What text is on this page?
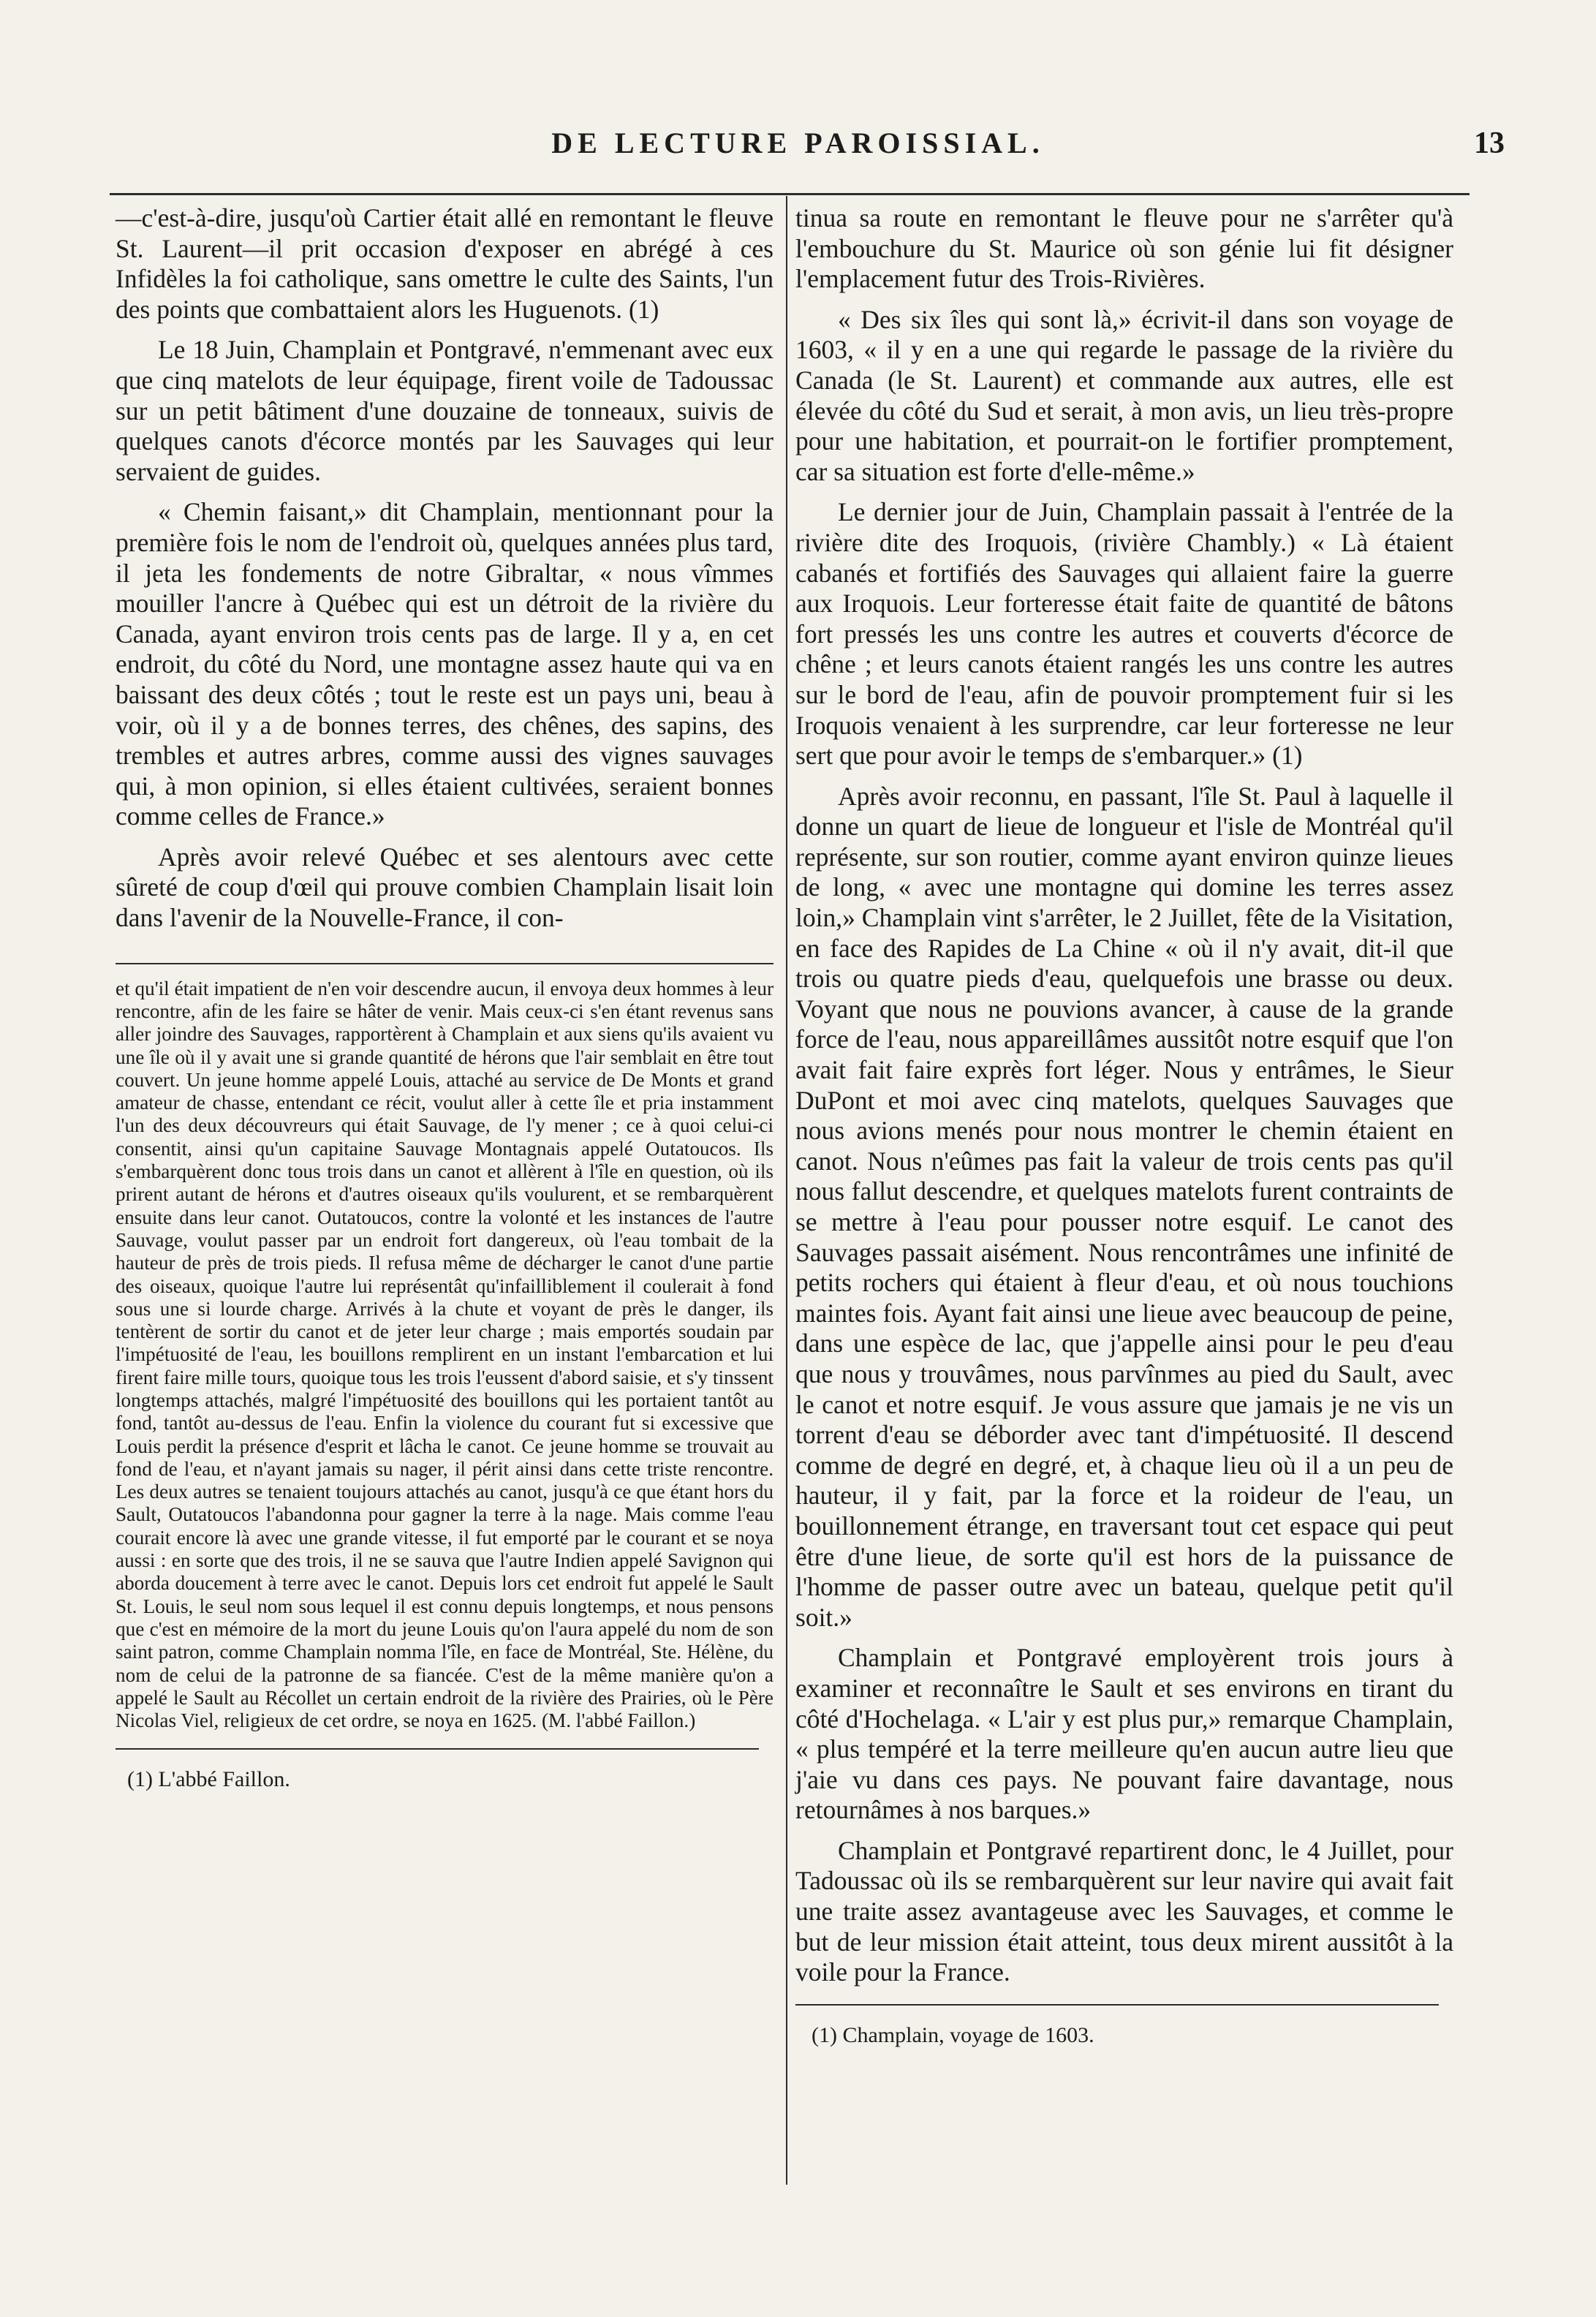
DE LECTURE PAROISSIAL.	13

—c'est-à-dire, jusqu'où Cartier était allé en remontant le fleuve St. Laurent—il prit occasion d'exposer en abrégé à ces Infidèles la foi catholique, sans omettre le culte des Saints, l'un des points que combattaient alors les Huguenots. (1)

Le 18 Juin, Champlain et Pontgravé, n'emmenant avec eux que cinq matelots de leur équipage, firent voile de Tadoussac sur un petit bâtiment d'une douzaine de tonneaux, suivis de quelques canots d'écorce montés par les Sauvages qui leur servaient de guides.

« Chemin faisant,» dit Champlain, mentionnant pour la première fois le nom de l'endroit où, quelques années plus tard, il jeta les fondements de notre Gibraltar, « nous vîmmes mouiller l'ancre à Québec qui est un détroit de la rivière du Canada, ayant environ trois cents pas de large. Il y a, en cet endroit, du côté du Nord, une montagne assez haute qui va en baissant des deux côtés ; tout le reste est un pays uni, beau à voir, où il y a de bonnes terres, des chênes, des sapins, des trembles et autres arbres, comme aussi des vignes sauvages qui, à mon opinion, si elles étaient cultivées, seraient bonnes comme celles de France.»

Après avoir relevé Québec et ses alentours avec cette sûreté de coup d'œil qui prouve combien Champlain lisait loin dans l'avenir de la Nouvelle-France, il con-

et qu'il était impatient de n'en voir descendre aucun, il envoya deux hommes à leur rencontre, afin de les faire se hâter de venir. Mais ceux-ci s'en étant revenus sans aller joindre des Sauvages, rapportèrent à Champlain et aux siens qu'ils avaient vu une île où il y avait une si grande quantité de hérons que l'air semblait en être tout couvert. Un jeune homme appelé Louis, attaché au service de De Monts et grand amateur de chasse, entendant ce récit, voulut aller à cette île et pria instamment l'un des deux découvreurs qui était Sauvage, de l'y mener ; ce à quoi celui-ci consentit, ainsi qu'un capitaine Sauvage Montagnais appelé Outatoucos. Ils s'embarquèrent donc tous trois dans un canot et allèrent à l'île en question, où ils prirent autant de hérons et d'autres oiseaux qu'ils voulurent, et se rembarquèrent ensuite dans leur canot. Outatoucos, contre la volonté et les instances de l'autre Sauvage, voulut passer par un endroit fort dangereux, où l'eau tombait de la hauteur de près de trois pieds. Il refusa même de décharger le canot d'une partie des oiseaux, quoique l'autre lui représentât qu'infailliblement il coulerait à fond sous une si lourde charge. Arrivés à la chute et voyant de près le danger, ils tentèrent de sortir du canot et de jeter leur charge ; mais emportés soudain par l'impétuosité de l'eau, les bouillons remplirent en un instant l'embarcation et lui firent faire mille tours, quoique tous les trois l'eussent d'abord saisie, et s'y tinssent longtemps attachés, malgré l'impétuosité des bouillons qui les portaient tantôt au fond, tantôt au-dessus de l'eau. Enfin la violence du courant fut si excessive que Louis perdit la présence d'esprit et lâcha le canot. Ce jeune homme se trouvait au fond de l'eau, et n'ayant jamais su nager, il périt ainsi dans cette triste rencontre. Les deux autres se tenaient toujours attachés au canot, jusqu'à ce que étant hors du Sault, Outatoucos l'abandonna pour gagner la terre à la nage. Mais comme l'eau courait encore là avec une grande vitesse, il fut emporté par le courant et se noya aussi : en sorte que des trois, il ne se sauva que l'autre Indien appelé Savignon qui aborda doucement à terre avec le canot. Depuis lors cet endroit fut appelé le Sault St. Louis, le seul nom sous lequel il est connu depuis longtemps, et nous pensons que c'est en mémoire de la mort du jeune Louis qu'on l'aura appelé du nom de son saint patron, comme Champlain nomma l'île, en face de Montréal, Ste. Hélène, du nom de celui de la patronne de sa fiancée. C'est de la même manière qu'on a appelé le Sault au Récollet un certain endroit de la rivière des Prairies, où le Père Nicolas Viel, religieux de cet ordre, se noya en 1625. (M. l'abbé Faillon.)

(1) L'abbé Faillon.

tinua sa route en remontant le fleuve pour ne s'arrêter qu'à l'embouchure du St. Maurice où son génie lui fit désigner l'emplacement futur des Trois-Rivières.

« Des six îles qui sont là,» écrivit-il dans son voyage de 1603, « il y en a une qui regarde le passage de la rivière du Canada (le St. Laurent) et commande aux autres, elle est élevée du côté du Sud et serait, à mon avis, un lieu très-propre pour une habitation, et pourrait-on le fortifier promptement, car sa situation est forte d'elle-même.»

Le dernier jour de Juin, Champlain passait à l'entrée de la rivière dite des Iroquois, (rivière Chambly.) « Là étaient cabanés et fortifiés des Sauvages qui allaient faire la guerre aux Iroquois. Leur forteresse était faite de quantité de bâtons fort pressés les uns contre les autres et couverts d'écorce de chêne ; et leurs canots étaient rangés les uns contre les autres sur le bord de l'eau, afin de pouvoir promptement fuir si les Iroquois venaient à les surprendre, car leur forteresse ne leur sert que pour avoir le temps de s'embarquer.» (1)

Après avoir reconnu, en passant, l'île St. Paul à laquelle il donne un quart de lieue de longueur et l'isle de Montréal qu'il représente, sur son routier, comme ayant environ quinze lieues de long, « avec une montagne qui domine les terres assez loin,» Champlain vint s'arrêter, le 2 Juillet, fête de la Visitation, en face des Rapides de La Chine « où il n'y avait, dit-il que trois ou quatre pieds d'eau, quelquefois une brasse ou deux. Voyant que nous ne pouvions avancer, à cause de la grande force de l'eau, nous appareillâmes aussitôt notre esquif que l'on avait fait faire exprès fort léger. Nous y entrâmes, le Sieur DuPont et moi avec cinq matelots, quelques Sauvages que nous avions menés pour nous montrer le chemin étaient en canot. Nous n'eûmes pas fait la valeur de trois cents pas qu'il nous fallut descendre, et quelques matelots furent contraints de se mettre à l'eau pour pousser notre esquif. Le canot des Sauvages passait aisément. Nous rencontrâmes une infinité de petits rochers qui étaient à fleur d'eau, et où nous touchions maintes fois. Ayant fait ainsi une lieue avec beaucoup de peine, dans une espèce de lac, que j'appelle ainsi pour le peu d'eau que nous y trouvâmes, nous parvînmes au pied du Sault, avec le canot et notre esquif. Je vous assure que jamais je ne vis un torrent d'eau se déborder avec tant d'impétuosité. Il descend comme de degré en degré, et, à chaque lieu où il a un peu de hauteur, il y fait, par la force et la roideur de l'eau, un bouillonnement étrange, en traversant tout cet espace qui peut être d'une lieue, de sorte qu'il est hors de la puissance de l'homme de passer outre avec un bateau, quelque petit qu'il soit.»

Champlain et Pontgravé employèrent trois jours à examiner et reconnaître le Sault et ses environs en tirant du côté d'Hochelaga. « L'air y est plus pur,» remarque Champlain, « plus tempéré et la terre meilleure qu'en aucun autre lieu que j'aie vu dans ces pays. Ne pouvant faire davantage, nous retournâmes à nos barques.»

Champlain et Pontgravé repartirent donc, le 4 Juillet, pour Tadoussac où ils se rembarquèrent sur leur navire qui avait fait une traite assez avantageuse avec les Sauvages, et comme le but de leur mission était atteint, tous deux mirent aussitôt à la voile pour la France.

(1) Champlain, voyage de 1603.
